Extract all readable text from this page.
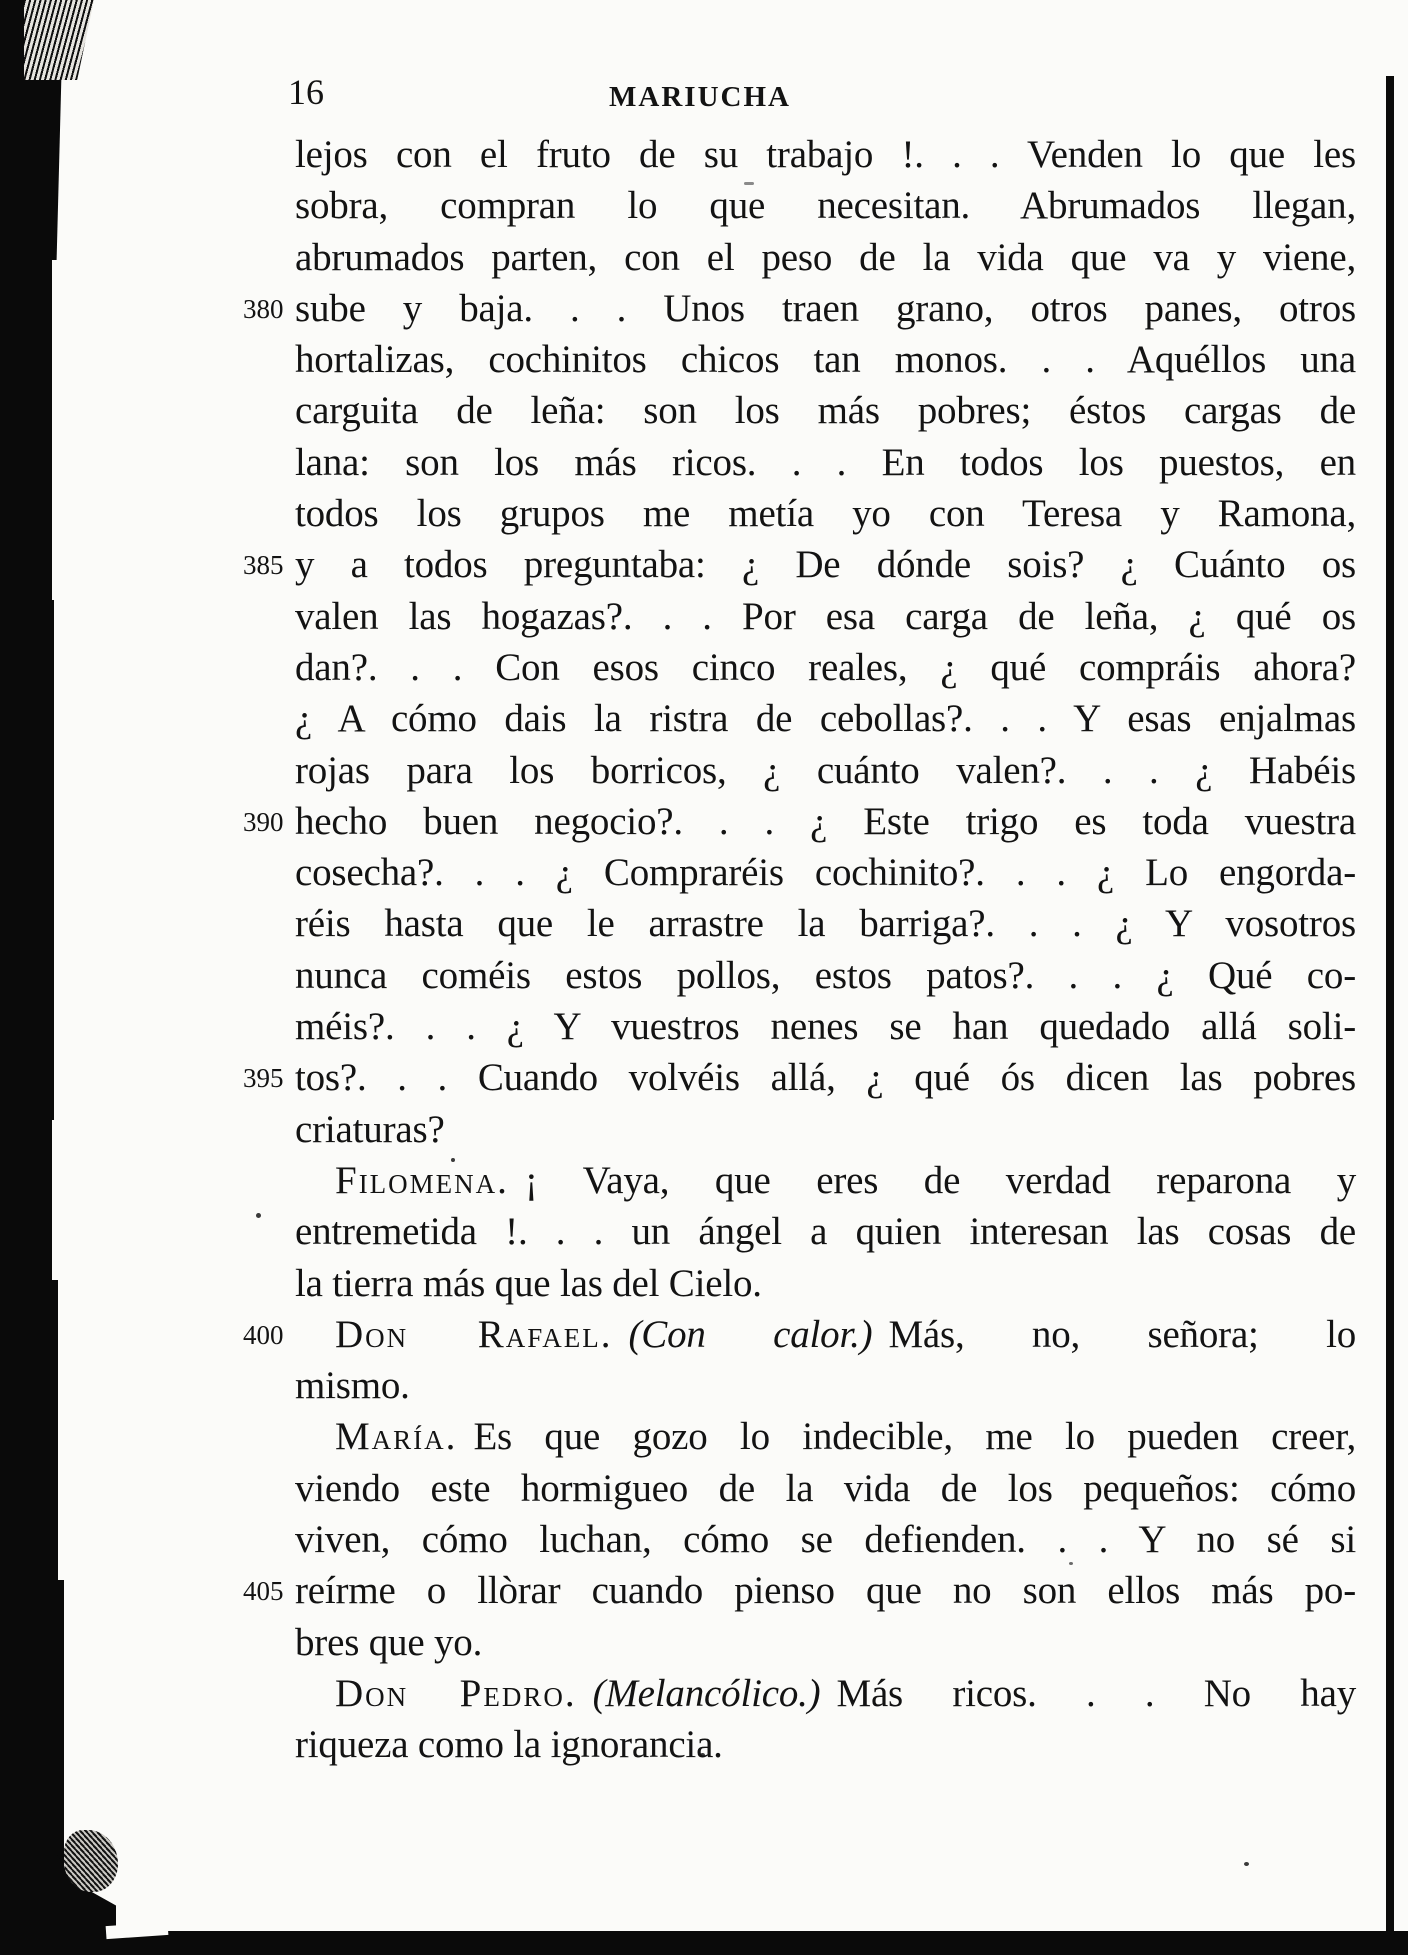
16	MARIUCHA
lejos con el fruto de su trabajo !. . . Venden lo que les
sobra, compran lo que necesitan. Abrumados llegan,
abrumados parten, con el peso de la vida que va y viene,
380 sube y baja. . . Unos traen grano, otros panes, otros
hortalizas, cochinitos chicos tan monos. . . Aquéllos una
carguita de leña: son los más pobres; éstos cargas de
lana: son los más ricos. . . En todos los puestos, en
todos los grupos me metía yo con Teresa y Ramona,
385 y a todos preguntaba: ¿ De dónde sois? ¿ Cuánto os
valen las hogazas?. . . Por esa carga de leña, ¿ qué os
dan?. . . Con esos cinco reales, ¿ qué compráis ahora?
¿ A cómo dais la ristra de cebollas?. . . Y esas enjalmas
rojas para los borricos, ¿ cuánto valen?. . . ¿ Habéis
390 hecho buen negocio?. . . ¿ Este trigo es toda vuestra
cosecha?. . . ¿ Compraréis cochinito?. . . ¿ Lo engorda-
réis hasta que le arrastre la barriga?. . . ¿ Y vosotros
nunca coméis estos pollos, estos patos?. . . ¿ Qué co-
méis?. . . ¿ Y vuestros nenes se han quedado allá soli-
395 tos?. . . Cuando volvéis allá, ¿ qué ós dicen las pobres
criaturas?
Filomena. ¡ Vaya, que eres de verdad reparona y
entremetida !. . . un ángel a quien interesan las cosas de
la tierra más que las del Cielo.
400 Don Rafael. (Con calor.) Más, no, señora; lo
mismo.
María. Es que gozo lo indecible, me lo pueden creer,
viendo este hormigueo de la vida de los pequeños: cómo
viven, cómo luchan, cómo se defienden. . . Y no sé si
405 reírme o llòrar cuando pienso que no son ellos más po-
bres que yo.
Don Pedro. (Melancólico.) Más ricos. . . No hay
riqueza como la ignorancia.
